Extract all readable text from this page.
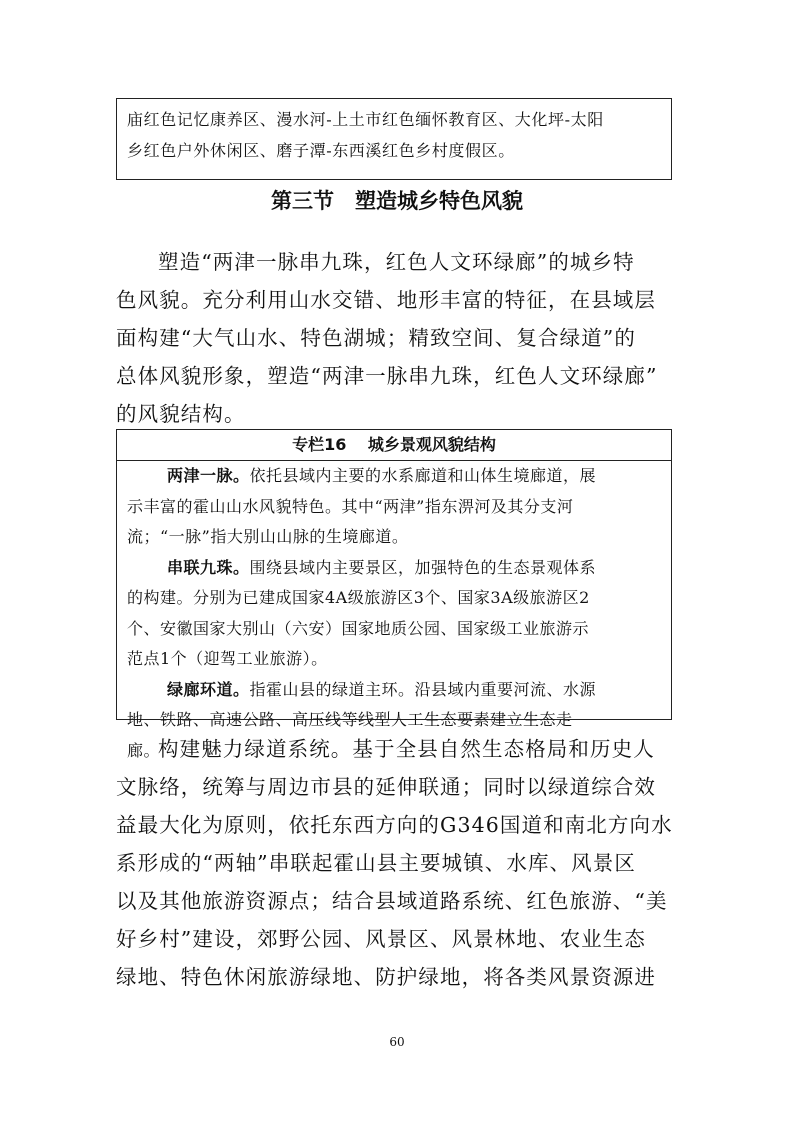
庙红色记忆康养区、漫水河-上土市红色缅怀教育区、大化坪-太阳
乡红色户外休闲区、磨子潭-东西溪红色乡村度假区。
第三节　塑造城乡特色风貌
塑造“两津一脉串九珠，红色人文环绿廊”的城乡特
色风貌。充分利用山水交错、地形丰富的特征，在县域层
面构建“大气山水、特色湖城；精致空间、复合绿道”的
总体风貌形象，塑造“两津一脉串九珠，红色人文环绿廊”
的风貌结构。
专栏16　 城乡景观风貌结构
两津一脉。依托县域内主要的水系廊道和山体生境廊道，展
示丰富的霍山山水风貌特色。其中“两津”指东淠河及其分支河
流；“一脉”指大别山山脉的生境廊道。
串联九珠。围绕县域内主要景区，加强特色的生态景观体系
的构建。分别为已建成国家4A级旅游区3个、国家3A级旅游区2
个、安徽国家大别山（六安）国家地质公园、国家级工业旅游示
范点1个（迎驾工业旅游）。
绿廊环道。指霍山县的绿道主环。沿县域内重要河流、水源
地、铁路、高速公路、高压线等线型人工生态要素建立生态走
廊。
构建魅力绿道系统。基于全县自然生态格局和历史人
文脉络，统筹与周边市县的延伸联通；同时以绿道综合效
益最大化为原则，依托东西方向的G346国道和南北方向水
系形成的“两轴”串联起霍山县主要城镇、水库、风景区
以及其他旅游资源点；结合县域道路系统、红色旅游、“美
好乡村”建设，郊野公园、风景区、风景林地、农业生态
绿地、特色休闲旅游绿地、防护绿地，将各类风景资源进
60
